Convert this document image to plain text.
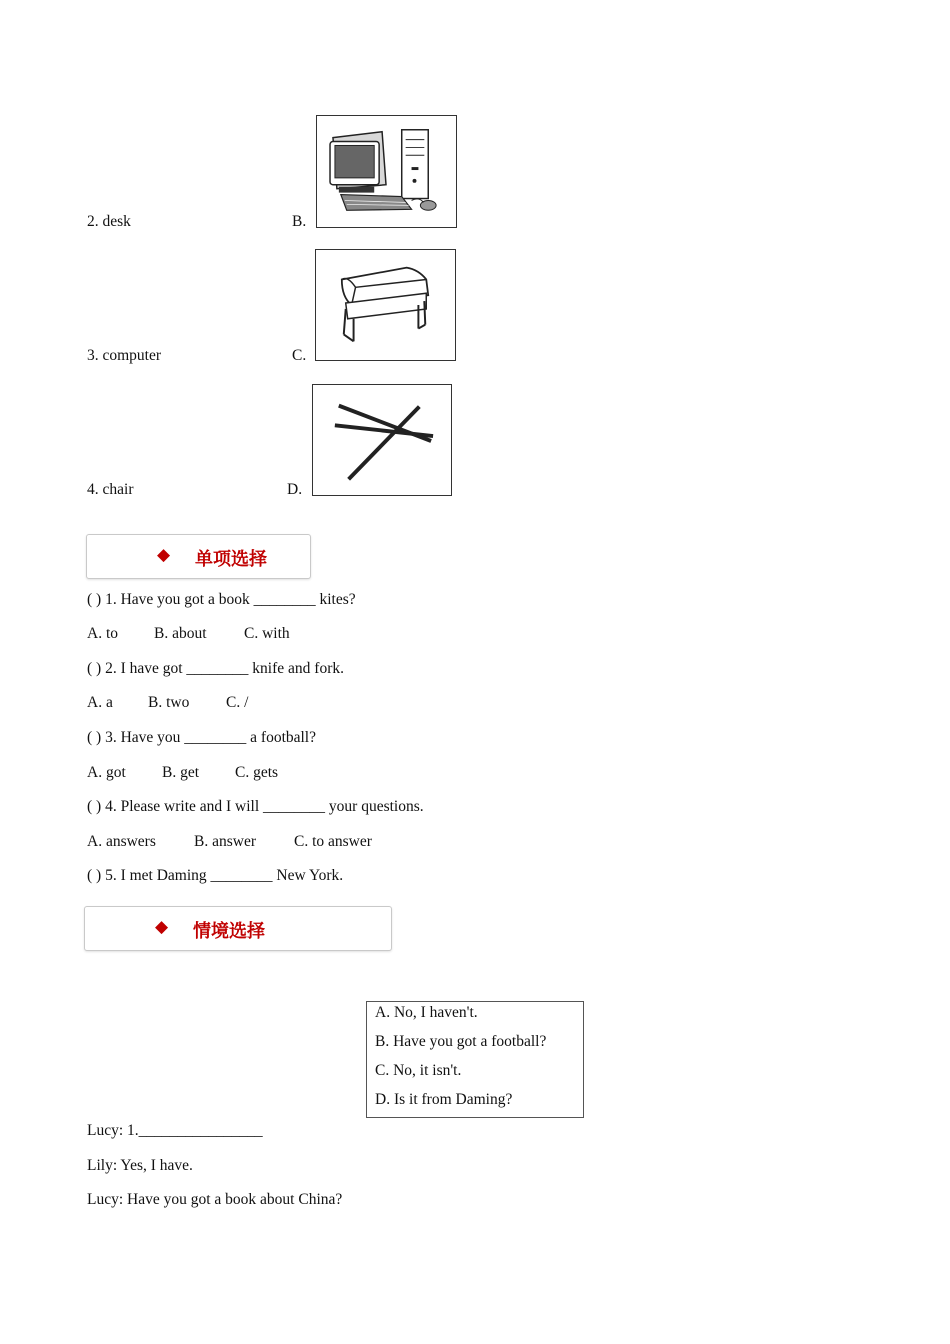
2. desk	B.
3. computer	C.
4. chair	D.
◆ 单项选择
( ) 1. Have you got a book ________ kites?
A. to B. about C. with
( ) 2. I have got ________ knife and fork.
A. a B. two C. /
( ) 3. Have you ________ a football?
A. got B. get C. gets
( ) 4. Please write and I will ________ your questions.
A. answers B. answer C. to answer
( ) 5. I met Daming ________ New York.
◆ 情境选择
A. No, I haven't.
B. Have you got a football?
C. No, it isn't.
D. Is it from Daming?
Lucy: 1.________________
Lily: Yes, I have.
Lucy: Have you got a book about China?
